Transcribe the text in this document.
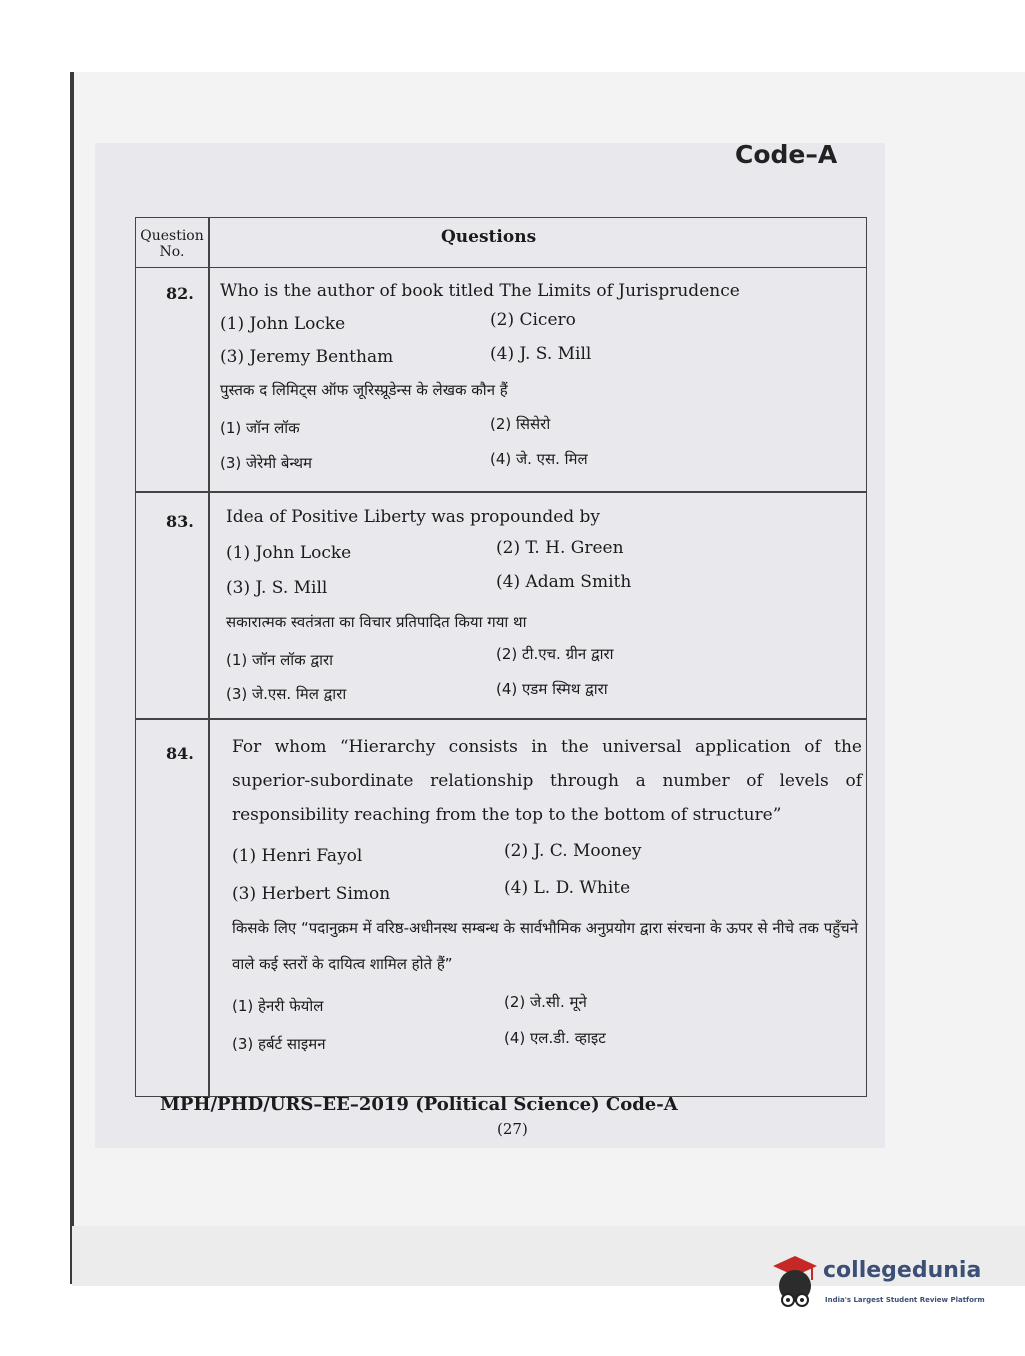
Code–A
Question No.
Questions
82. Who is the author of book titled The Limits of Jurisprudence
(1) John Locke	(2) Cicero
(3) Jeremy Bentham	(4) J. S. Mill
पुस्तक द लिमिट्स ऑफ जूरिस्प्रूडेन्स के लेखक कौन हैं
(1) जॉन लॉक	(2) सिसेरो
(3) जेरेमी बेन्थम	(4) जे. एस. मिल
83. Idea of Positive Liberty was propounded by
(1) John Locke	(2) T. H. Green
(3) J. S. Mill	(4) Adam Smith
सकारात्मक स्वतंत्रता का विचार प्रतिपादित किया गया था
(1) जॉन लॉक द्वारा	(2) टी.एच. ग्रीन द्वारा
(3) जे.एस. मिल द्वारा	(4) एडम स्मिथ द्वारा
84. For whom “Hierarchy consists in the universal application of the superior-subordinate relationship through a number of levels of responsibility reaching from the top to the bottom of structure”
(1) Henri Fayol	(2) J. C. Mooney
(3) Herbert Simon	(4) L. D. White
किसके लिए “पदानुक्रम में वरिष्ठ-अधीनस्थ सम्बन्ध के सार्वभौमिक अनुप्रयोग द्वारा संरचना के ऊपर से नीचे तक पहुँचने वाले कई स्तरों के दायित्व शामिल होते हैं”
(1) हेनरी फेयोल	(2) जे.सी. मूने
(3) हर्बर्ट साइमन	(4) एल.डी. व्हाइट
MPH/PHD/URS–EE–2019 (Political Science) Code-A
(27)
collegedunia
India's Largest Student Review Platform
